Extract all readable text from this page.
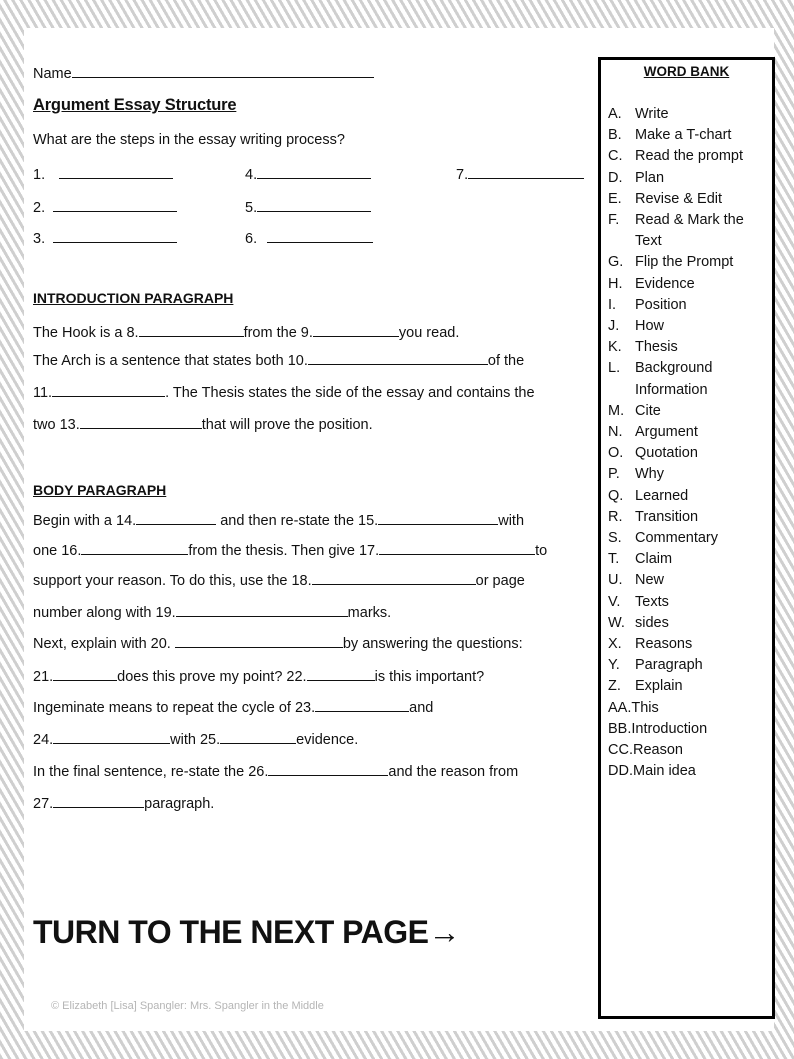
Name
Argument Essay Structure
What are the steps in the essay writing process?
1.
2.
3.
4.
5.
6.
7.
INTRODUCTION PARAGRAPH
The Hook is a 8.	from the 9.	you read.
The Arch is a sentence that states both 10.	of the
11.	. The Thesis states the side of the essay and contains the
two 13.	that will prove the position.
BODY PARAGRAPH
Begin with a 14.	and then re-state the 15.	with
one 16.	from the thesis. Then give 17.	to
support your reason. To do this, use the 18.	or page
number along with 19.	marks.
Next, explain with 20.	by answering the questions:
21.	does this prove my point? 22.	is this important?
Ingeminate means to repeat the cycle of 23.	and
24.	with 25.	evidence.
In the final sentence, re-state the 26.	and the reason from
27.	paragraph.
WORD BANK
A. Write
B. Make a T-chart
C. Read the prompt
D. Plan
E. Revise & Edit
F.	Read & Mark the Text
G. Flip the Prompt
H. Evidence
I.	Position
J.	How
K. Thesis
L.	Background Information
M. Cite
N. Argument
O. Quotation
P.	Why
Q. Learned
R. Transition
S. Commentary
T.	Claim
U. New
V.	Texts
W. sides
X. Reasons
Y.	Paragraph
Z. Explain
AA. This
BB. Introduction
CC. Reason
DD. Main idea
TURN TO THE NEXT PAGE→
© Elizabeth [Lisa] Spangler: Mrs. Spangler in the Middle
